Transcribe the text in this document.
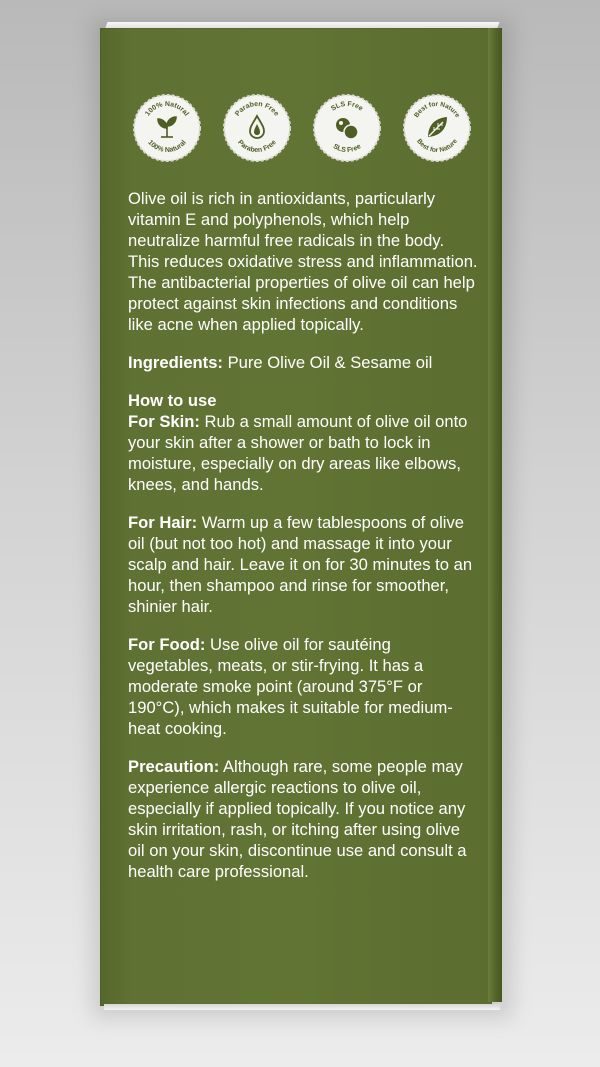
100% Natural
100% Natural
Paraben Free
Paraben Free
SLS Free
SLS Free
Best for Nature
Best for Nature

Olive oil is rich in antioxidants, particularly vitamin E and polyphenols, which help neutralize harmful free radicals in the body. This reduces oxidative stress and inflammation. The antibacterial properties of olive oil can help protect against skin infections and conditions like acne when applied topically.

Ingredients: Pure Olive Oil & Sesame oil

How to use

For Skin: Rub a small amount of olive oil onto your skin after a shower or bath to lock in moisture, especially on dry areas like elbows, knees, and hands.

For Hair: Warm up a few tablespoons of olive oil (but not too hot) and massage it into your scalp and hair. Leave it on for 30 minutes to an hour, then shampoo and rinse for smoother, shinier hair.

For Food: Use olive oil for sautéing vegetables, meats, or stir-frying. It has a moderate smoke point (around 375°F or 190°C), which makes it suitable for medium-heat cooking.

Precaution: Although rare, some people may experience allergic reactions to olive oil, especially if applied topically. If you notice any skin irritation, rash, or itching after using olive oil on your skin, discontinue use and consult a health care professional.
